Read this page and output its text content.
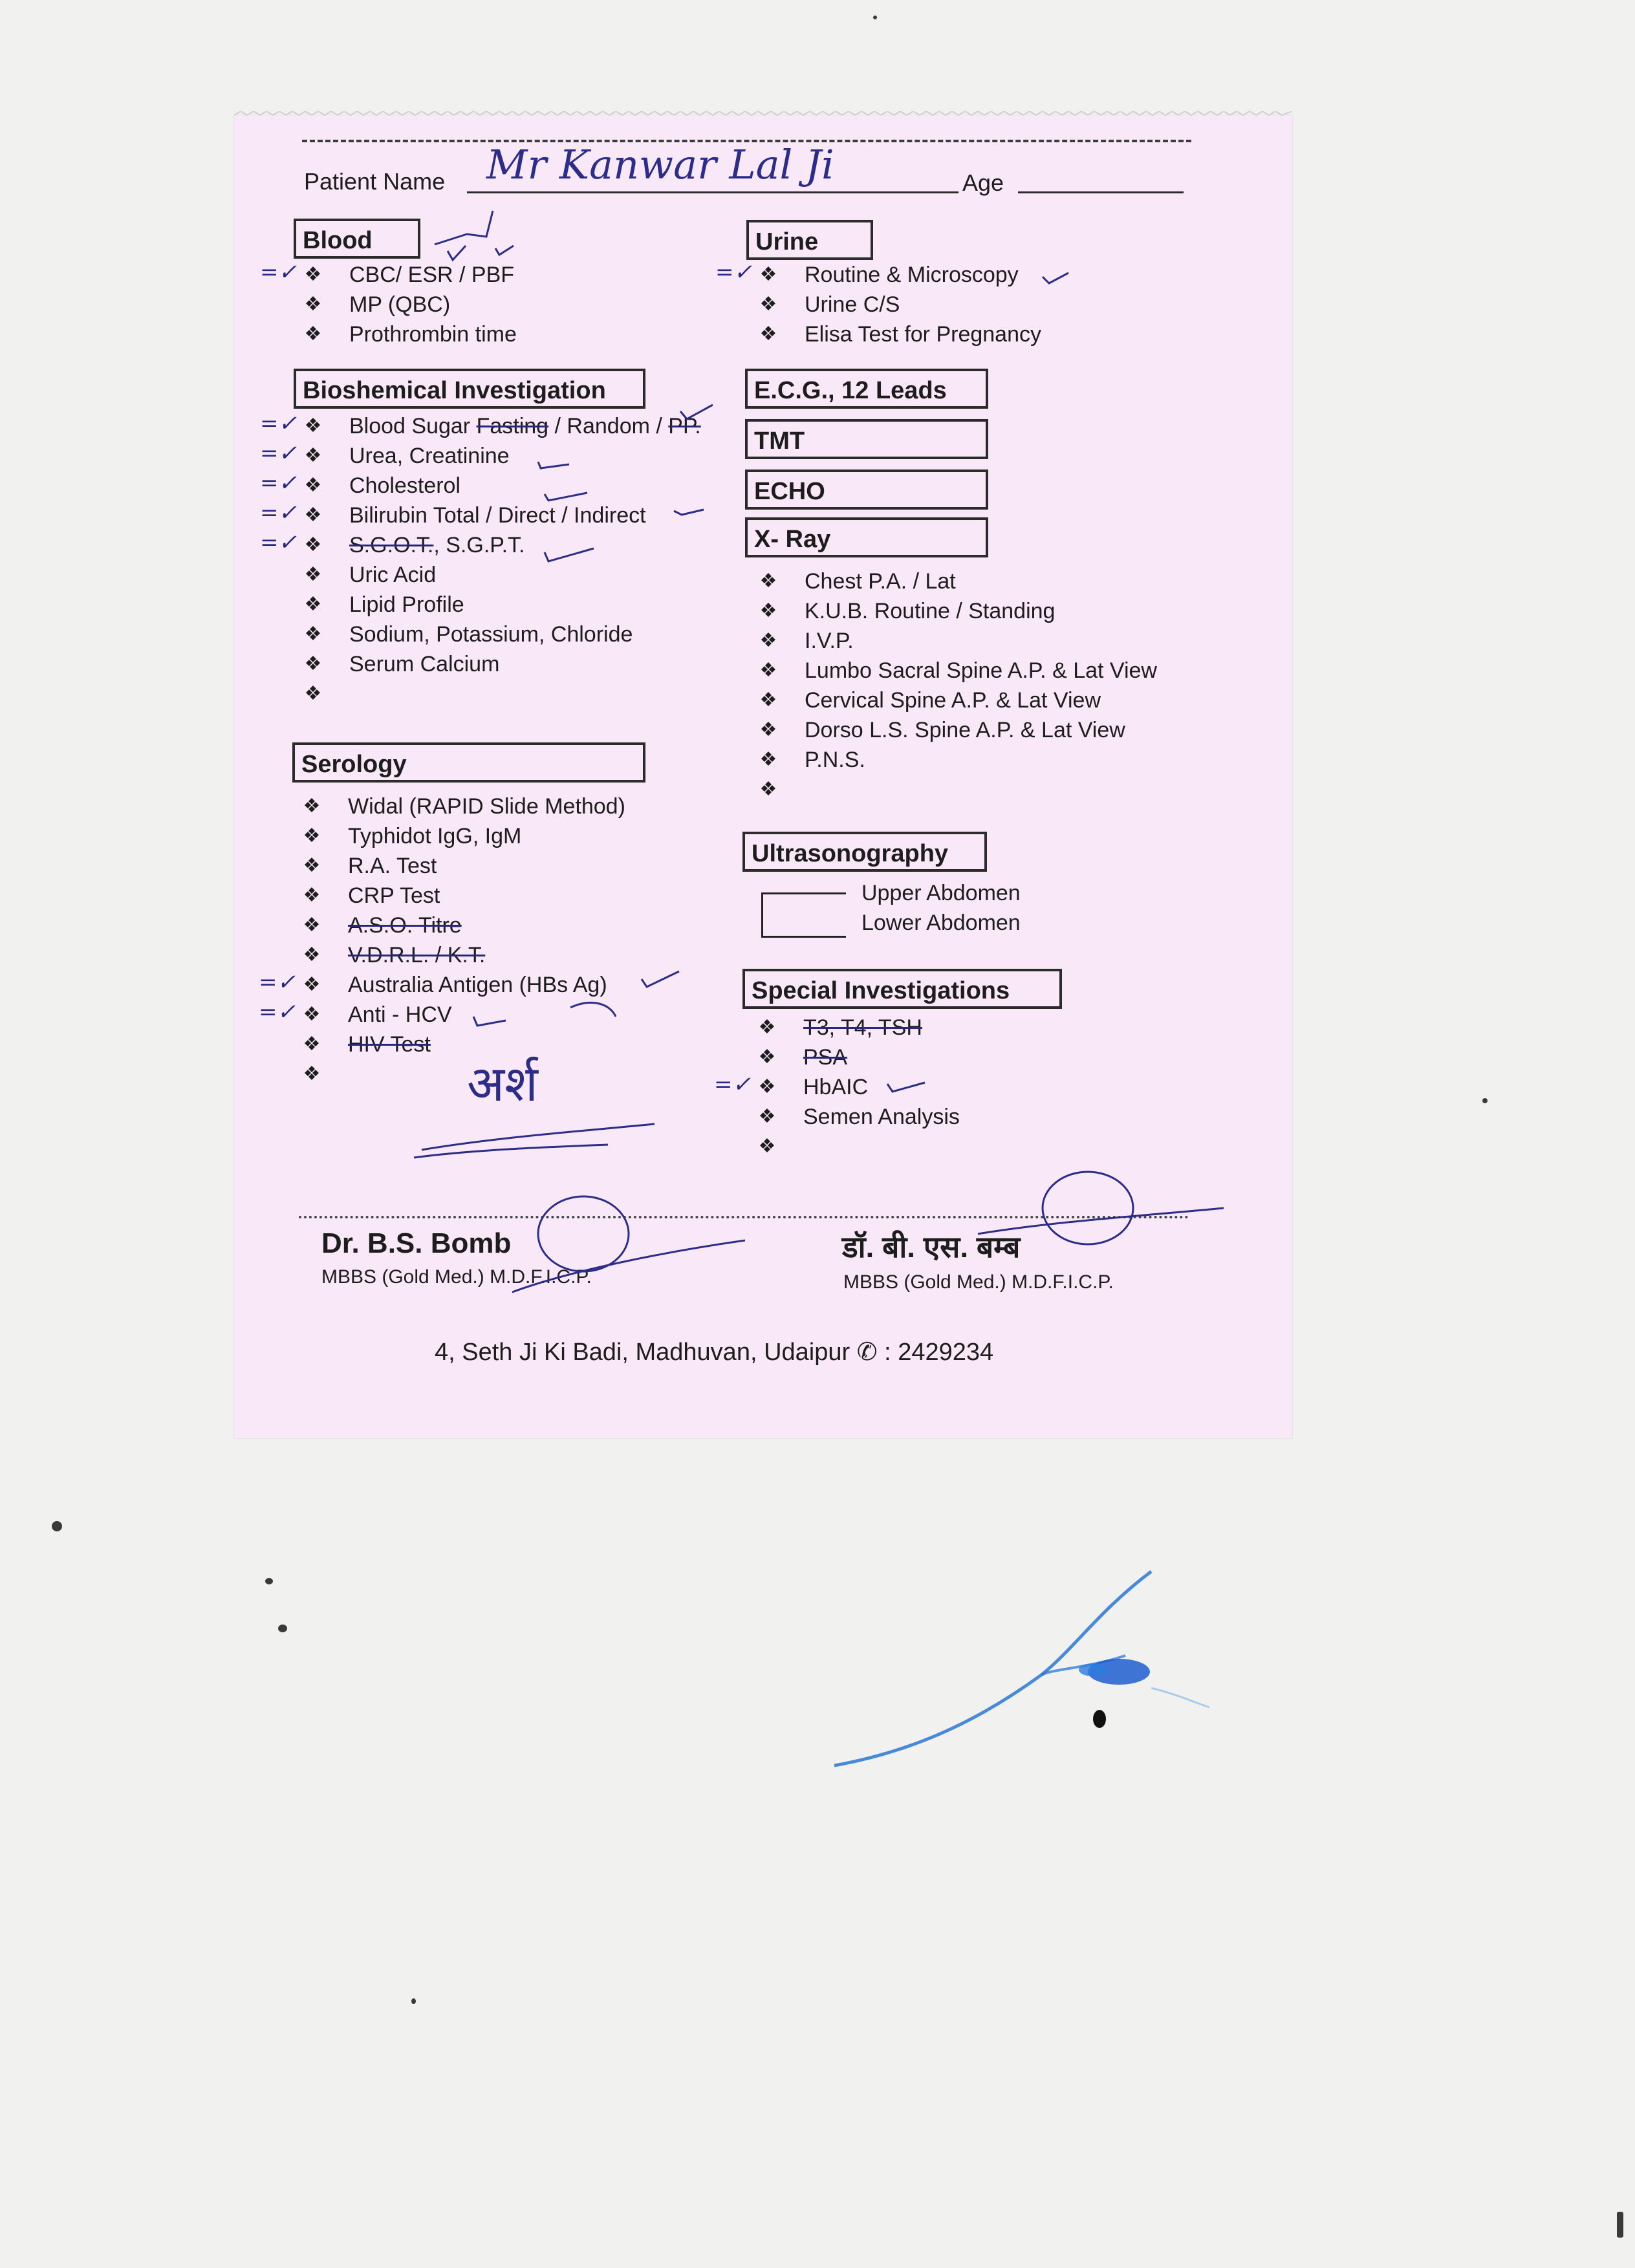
Patient Name Mr Kanwar Lal Ji	Age
Blood
=✓ ❖ CBC/ ESR / PBF
❖ MP (QBC)
❖ Prothrombin time
Urine
=✓ ❖ Routine & Microscopy
❖ Urine C/S
❖ Elisa Test for Pregnancy
Bioshemical Investigation
=✓ ❖ Blood Sugar Fasting / Random / PP.
=✓ ❖ Urea, Creatinine
=✓ ❖ Cholesterol
=✓ ❖ Bilirubin Total / Direct / Indirect
=✓ ❖ S.G.O.T., S.G.P.T.
❖ Uric Acid
❖ Lipid Profile
❖ Sodium, Potassium, Chloride
❖ Serum Calcium
❖
E.C.G., 12 Leads
TMT
ECHO
X- Ray
❖ Chest P.A. / Lat
❖ K.U.B. Routine / Standing
❖ I.V.P.
❖ Lumbo Sacral Spine A.P. & Lat View
❖ Cervical Spine A.P. & Lat View
❖ Dorso L.S. Spine A.P. & Lat View
❖ P.N.S.
❖
Serology
❖ Widal (RAPID Slide Method)
❖ Typhidot IgG, IgM
❖ R.A. Test
❖ CRP Test
❖ A.S.O. Titre
❖ V.D.R.L. / K.T.
=✓ ❖ Australia Antigen (HBs Ag)
=✓ ❖ Anti - HCV
❖ HIV Test
❖
Ultrasonography
Upper Abdomen
Lower Abdomen
Special Investigations
❖ T3, T4, TSH
❖ PSA
=✓ ❖ HbAIC
❖ Semen Analysis
❖
अर्श
Dr. B.S. Bomb
MBBS (Gold Med.) M.D.F.I.C.P.
डॉ. बी. एस. बम्ब
MBBS (Gold Med.) M.D.F.I.C.P.
4, Seth Ji Ki Badi, Madhuvan, Udaipur ✆ : 2429234
